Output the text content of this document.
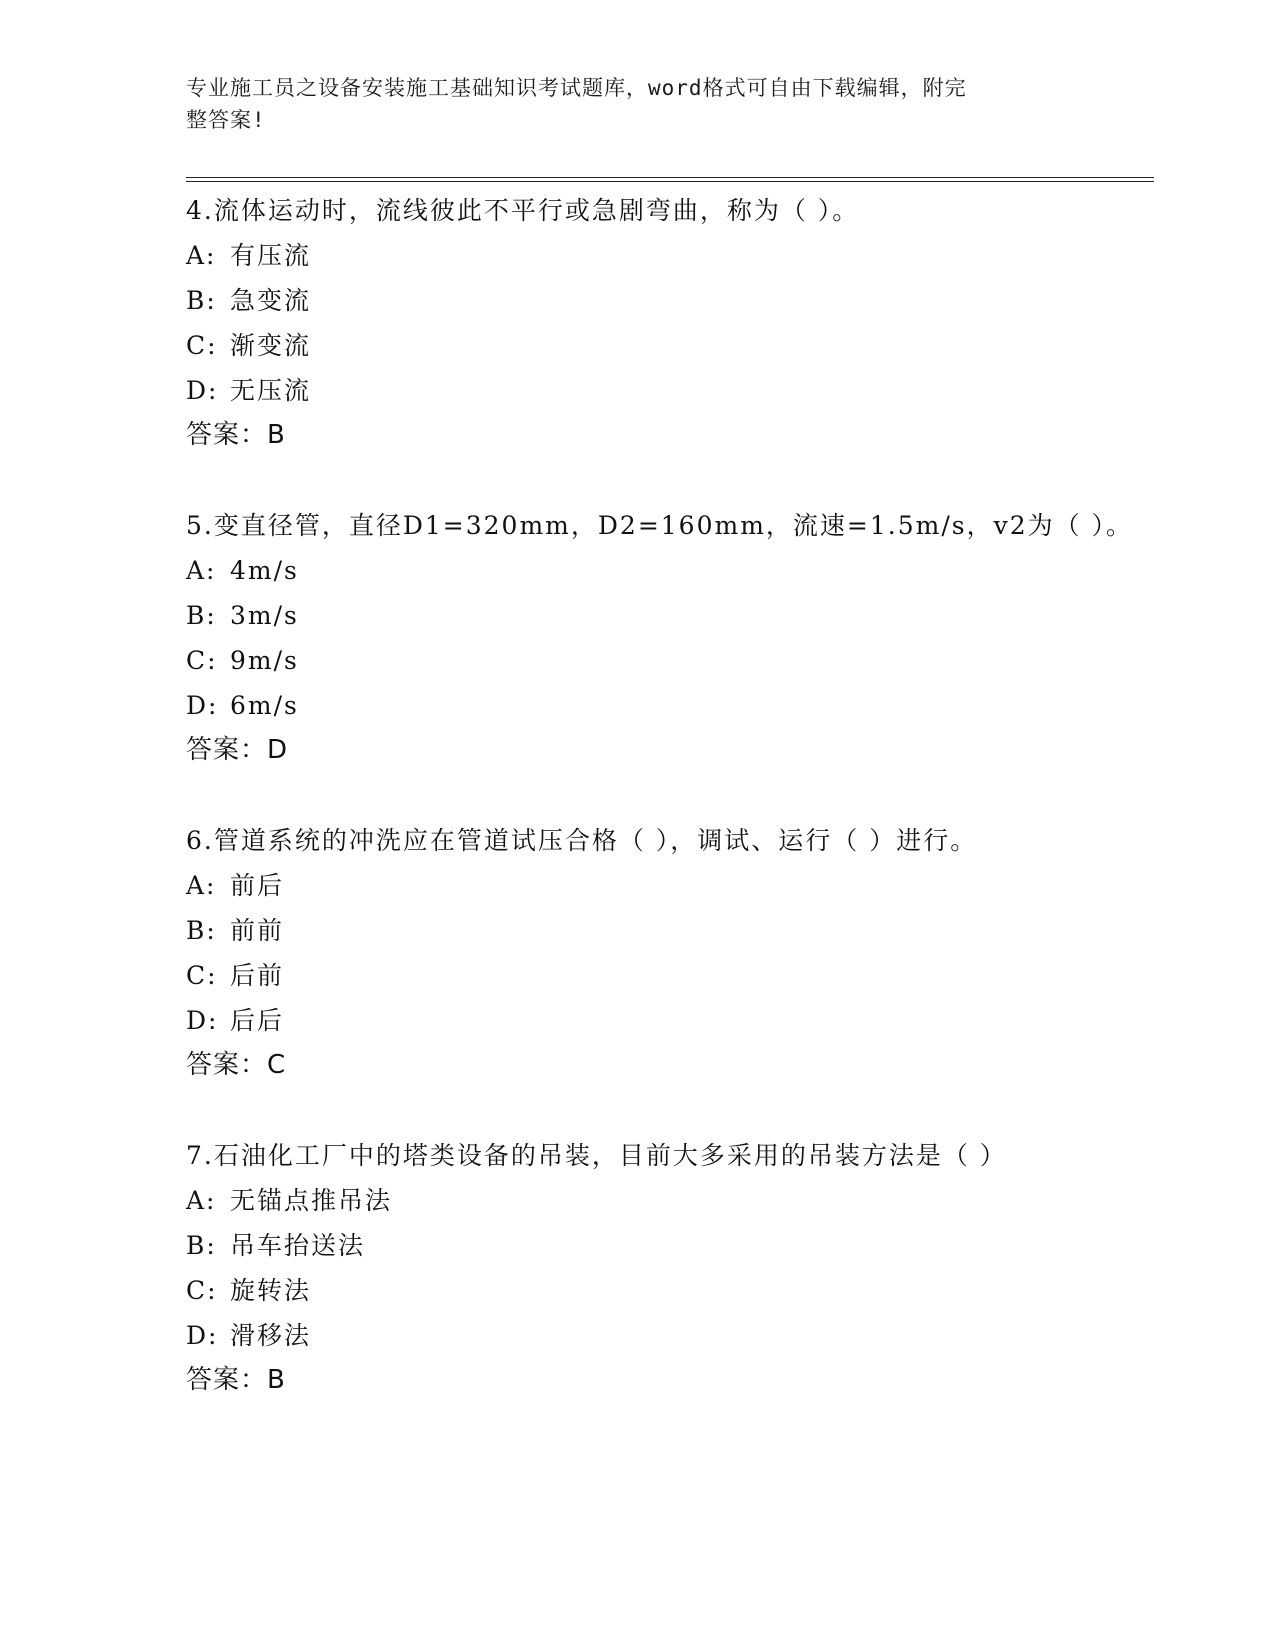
专业施工员之设备安装施工基础知识考试题库，word格式可自由下载编辑，附完
整答案!
4.流体运动时，流线彼此不平行或急剧弯曲，称为（ ）。
A: 有压流
B: 急变流
C: 渐变流
D: 无压流
答案：B
5.变直径管，直径D1=320mm，D2=160mm，流速=1.5m/s，v2为（ ）。
A: 4m/s
B: 3m/s
C: 9m/s
D: 6m/s
答案：D
6.管道系统的冲洗应在管道试压合格（ ），调试、运行（ ）进行。
A: 前后
B: 前前
C: 后前
D: 后后
答案：C
7.石油化工厂中的塔类设备的吊装，目前大多采用的吊装方法是（ ）
A: 无锚点推吊法
B: 吊车抬送法
C: 旋转法
D: 滑移法
答案：B
